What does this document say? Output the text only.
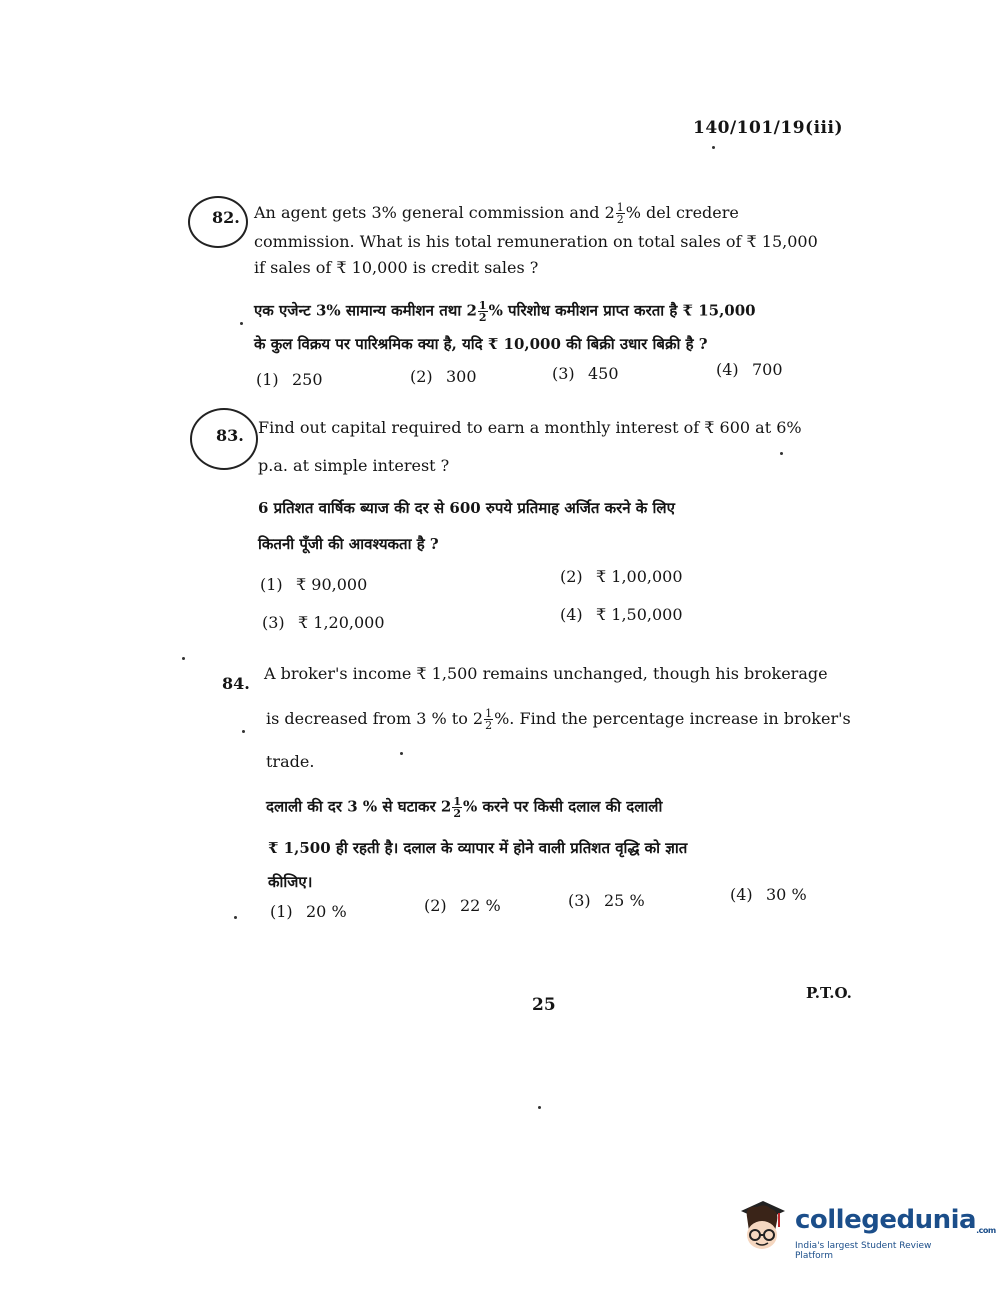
140/101/19(iii)
82. An agent gets 3% general commission and $2 \frac{1}{2}$ % del credere
commission. What is his total remuneration on total sales of ₹ 15,000
if sales of ₹ 10,000 is credit sales ?
एक एजेन्ट 3% सामान्य कमीशन तथा $2 \frac{1}{2}$ % परिशोध कमीशन प्राप्त करता है ₹ 15,000
के कुल विक्रय पर पारिश्रमिक क्या है, यदि ₹ 10,000 की बिक्री उधार बिक्री है ?
(1) 250	(2) 300	(3) 450	(4) 700
83. Find out capital required to earn a monthly interest of ₹ 600 at 6%
p.a. at simple interest ?
6 प्रतिशत वार्षिक ब्याज की दर से 600 रुपये प्रतिमाह अर्जित करने के लिए
कितनी पूँजी की आवश्यकता है ?
(1) ₹ 90,000	(2) ₹ 1,00,000
(3) ₹ 1,20,000	(4) ₹ 1,50,000
84.
A broker's income ₹ 1,500 remains unchanged, though his brokerage
is decreased from 3 % to $2 \frac{1}{2}$ %. Find the percentage increase in broker's
trade.
दलाली की दर 3 % से घटाकर $2 \frac{1}{2}$ % करने पर किसी दलाल की दलाली
₹ 1,500 ही रहती है। दलाल के व्यापार में होने वाली प्रतिशत वृद्धि को ज्ञात
कीजिए।
(1) 20 %	(2) 22 %	(3) 25 %	(4) 30 %
25
P.T.O.
collegedunia.com
India's largest Student Review Platform
